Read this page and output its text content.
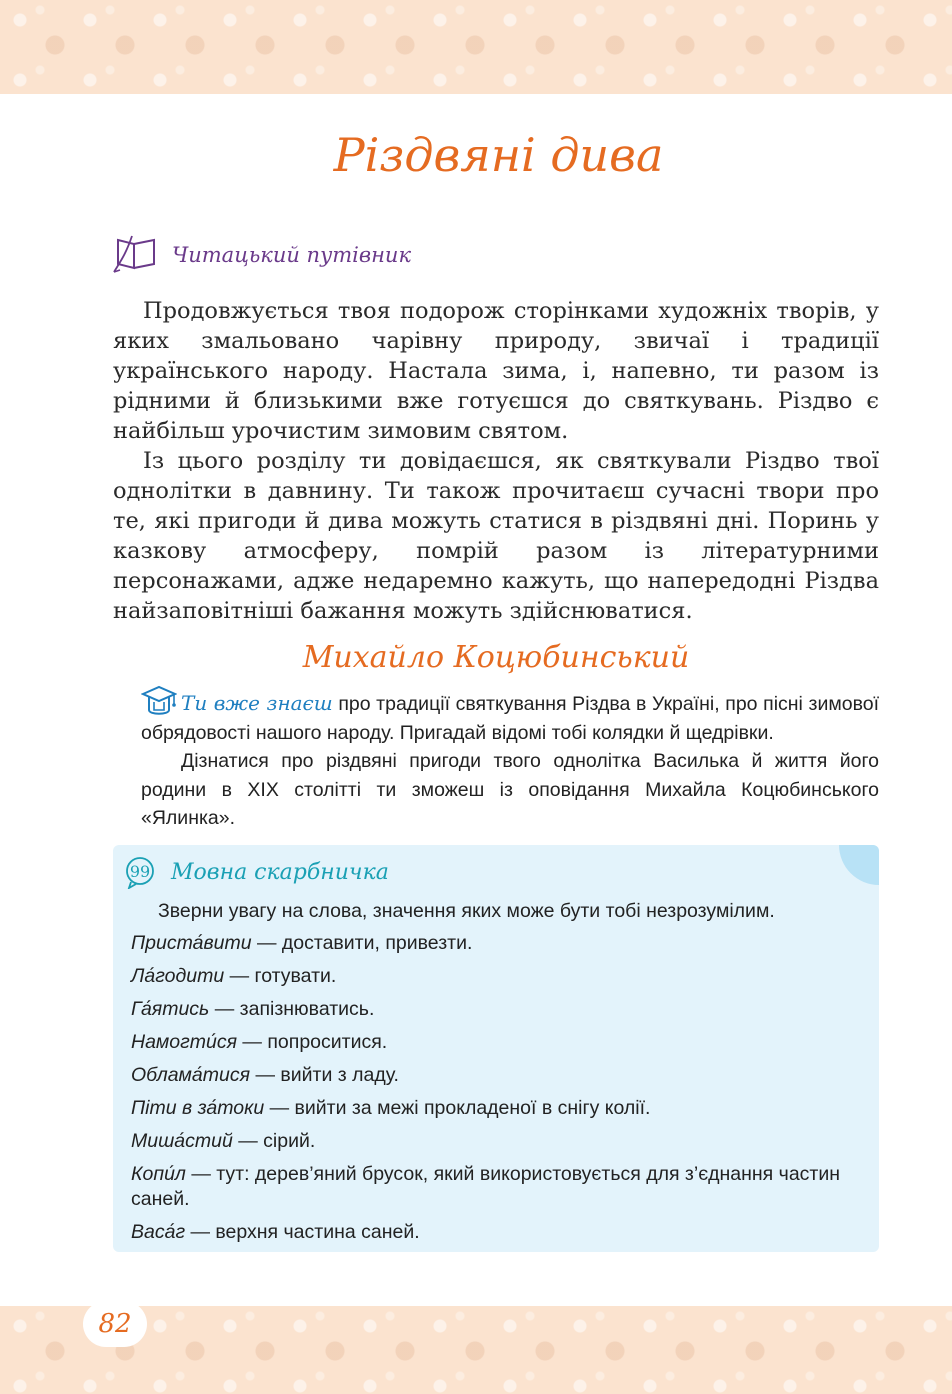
Різдвяні дива
Читацький путівник

Продовжується твоя подорож сторінками художніх творів, у яких змальовано чарівну природу, звичаї і традиції українського народу. Настала зима, і, напевно, ти разом із рідними й близькими вже готуєшся до святкувань. Різдво є найбільш урочистим зимовим святом.

Із цього розділу ти довідаєшся, як святкували Різдво твої однолітки в давнину. Ти також прочитаєш сучасні твори про те, які пригоди й дива можуть статися в різдвяні дні. Поринь у казкову атмосферу, помрій разом із літературними персонажами, адже недаремно кажуть, що напередодні Різдва найзаповітніші бажання можуть здійснюватися.

Михайло Коцюбинський

Ти вже знаєш про традиції святкування Різдва в Україні, про пісні зимової обрядовості нашого народу. Пригадай відомі тобі колядки й щедрівки.

Дізнатися про різдвяні пригоди твого однолітка Василька й життя його родини в XIX столітті ти зможеш із оповідання Михайла Коцюбинського «Ялинка».

99 Мовна скарбничка

Зверни увагу на слова, значення яких може бути тобі незрозумілим.

Приста́вити — доставити, привезти.

Ла́годити — готувати.

Га́ятись — запізнюватись.

Намогти́ся — попроситися.

Облама́тися — вийти з ладу.

Піти в за́токи — вийти за межі прокладеної в снігу колії.

Миша́стий — сірий.

Копи́л — тут: дерев’яний брусок, який використовується для з’єднання частин саней.

Васа́г — верхня частина саней.

82
